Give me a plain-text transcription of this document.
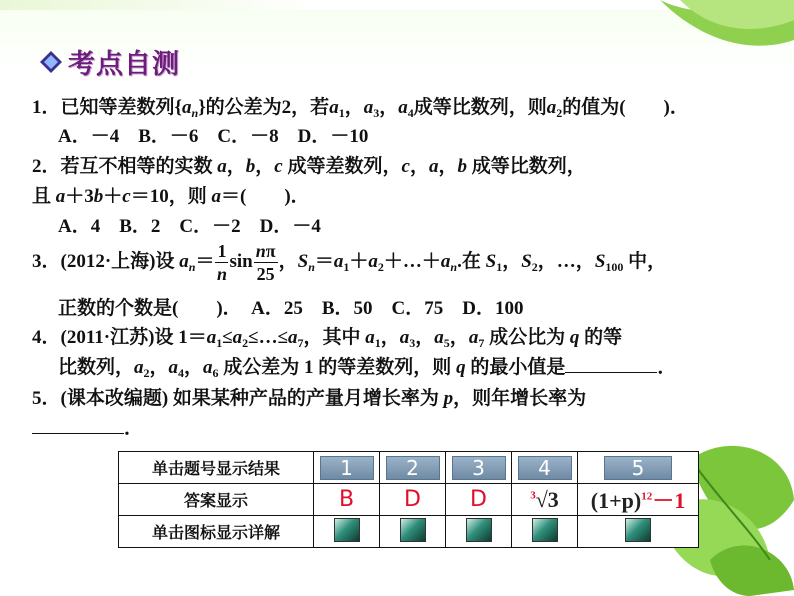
考点自测
1．已知等差数列$\{a_n\}$的公差为2，若$a_1$，$a_3$，$a_4$成等比数列，则$a_2$的值为(　　)．
A．－4　B．－6　C．－8　D．－10
2．若互不相等的实数 a，b，c 成等差数列，c，a，b 成等比数列，
且 a＋3b＋c＝10，则 a＝(　　)．
A．4　B．2　C．－2　D．－4
3．(2012·上海)设 $a_n= \frac{1}{n}$ $\sin \frac{n\pi}{25}$ ，$S_n=a_1+a_2+\dots+a_n$.在 $S_1$，$S_2$，…，$S_{100}$ 中，
正数的个数是(　　)．　A．25　B．50　C．75　D．100
4．(2011·江苏)设 $1=a_1\le a_2\le\dots\le a_7$，其中 $a_1$，$a_3$，$a_5$，$a_7$ 成公比为 q 的等
比数列，$a_2$，$a_4$，$a_6$ 成公差为 1 的等差数列，则 q 的最小值是	．
5．(课本改编题) 如果某种产品的产量月增长率为 p，则年增长率为
．
单击题号显示结果	1	2	3	4	5
答案显示	B	D	D	$^3$√3	$(1+p)^{12}-1$
单击图标显示详解					
